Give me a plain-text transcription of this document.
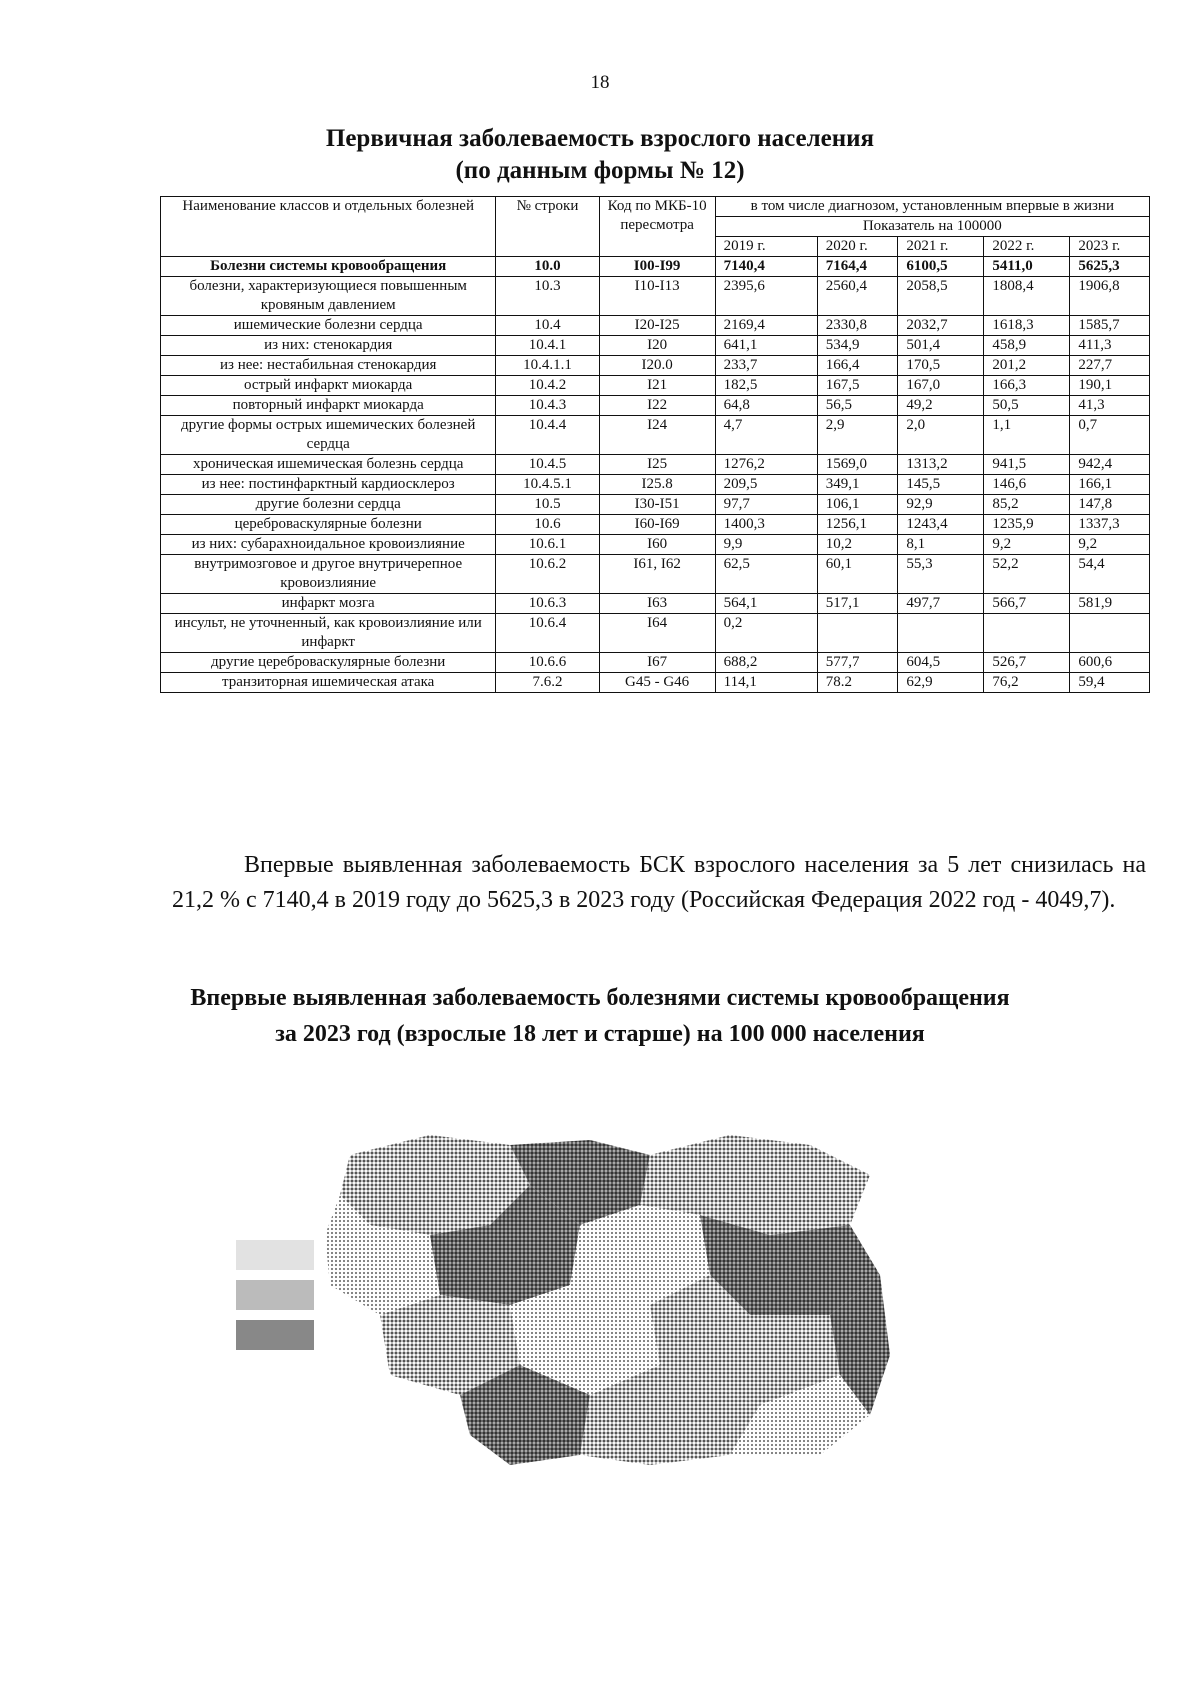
18
Первичная заболеваемость взрослого населения
(по данным формы № 12)
Наименование классов и отдельных болезней	№ строки	Код по МКБ-10 пересмотра	в том числе диагнозом, установленным впервые в жизни				
			Показатель на 100000				
			2019 г.	2020 г.	2021 г.	2022 г.	2023 г.
Болезни системы кровообращения	10.0	I00-I99	7140,4	7164,4	6100,5	5411,0	5625,3
болезни, характеризующиеся повышенным кровяным давлением	10.3	I10-I13	2395,6	2560,4	2058,5	1808,4	1906,8
ишемические болезни сердца	10.4	I20-I25	2169,4	2330,8	2032,7	1618,3	1585,7
из них: стенокардия	10.4.1	I20	641,1	534,9	501,4	458,9	411,3
из нее: нестабильная стенокардия	10.4.1.1	I20.0	233,7	166,4	170,5	201,2	227,7
острый инфаркт миокарда	10.4.2	I21	182,5	167,5	167,0	166,3	190,1
повторный инфаркт миокарда	10.4.3	I22	64,8	56,5	49,2	50,5	41,3
другие формы острых ишемических болезней сердца	10.4.4	I24	4,7	2,9	2,0	1,1	0,7
хроническая ишемическая болезнь сердца	10.4.5	I25	1276,2	1569,0	1313,2	941,5	942,4
из нее: постинфарктный кардиосклероз	10.4.5.1	I25.8	209,5	349,1	145,5	146,6	166,1
другие болезни сердца	10.5	I30-I51	97,7	106,1	92,9	85,2	147,8
цереброваскулярные болезни	10.6	I60-I69	1400,3	1256,1	1243,4	1235,9	1337,3
из них: субарахноидальное кровоизлияние	10.6.1	I60	9,9	10,2	8,1	9,2	9,2
внутримозговое и другое внутричерепное кровоизлияние	10.6.2	I61, I62	62,5	60,1	55,3	52,2	54,4
инфаркт мозга	10.6.3	I63	564,1	517,1	497,7	566,7	581,9
инсульт, не уточненный, как кровоизлияние или инфаркт	10.6.4	I64	0,2				
другие цереброваскулярные болезни	10.6.6	I67	688,2	577,7	604,5	526,7	600,6
транзиторная ишемическая атака	7.6.2	G45 - G46	114,1	78.2	62,9	76,2	59,4
Впервые выявленная заболеваемость БСК взрослого населения за 5 лет снизилась на 21,2 % с 7140,4 в 2019 году до 5625,3 в 2023 году (Российская Федерация 2022 год - 4049,7).
Впервые выявленная заболеваемость болезнями системы кровообращения
за 2023 год (взрослые 18 лет и старше) на 100 000 населения
